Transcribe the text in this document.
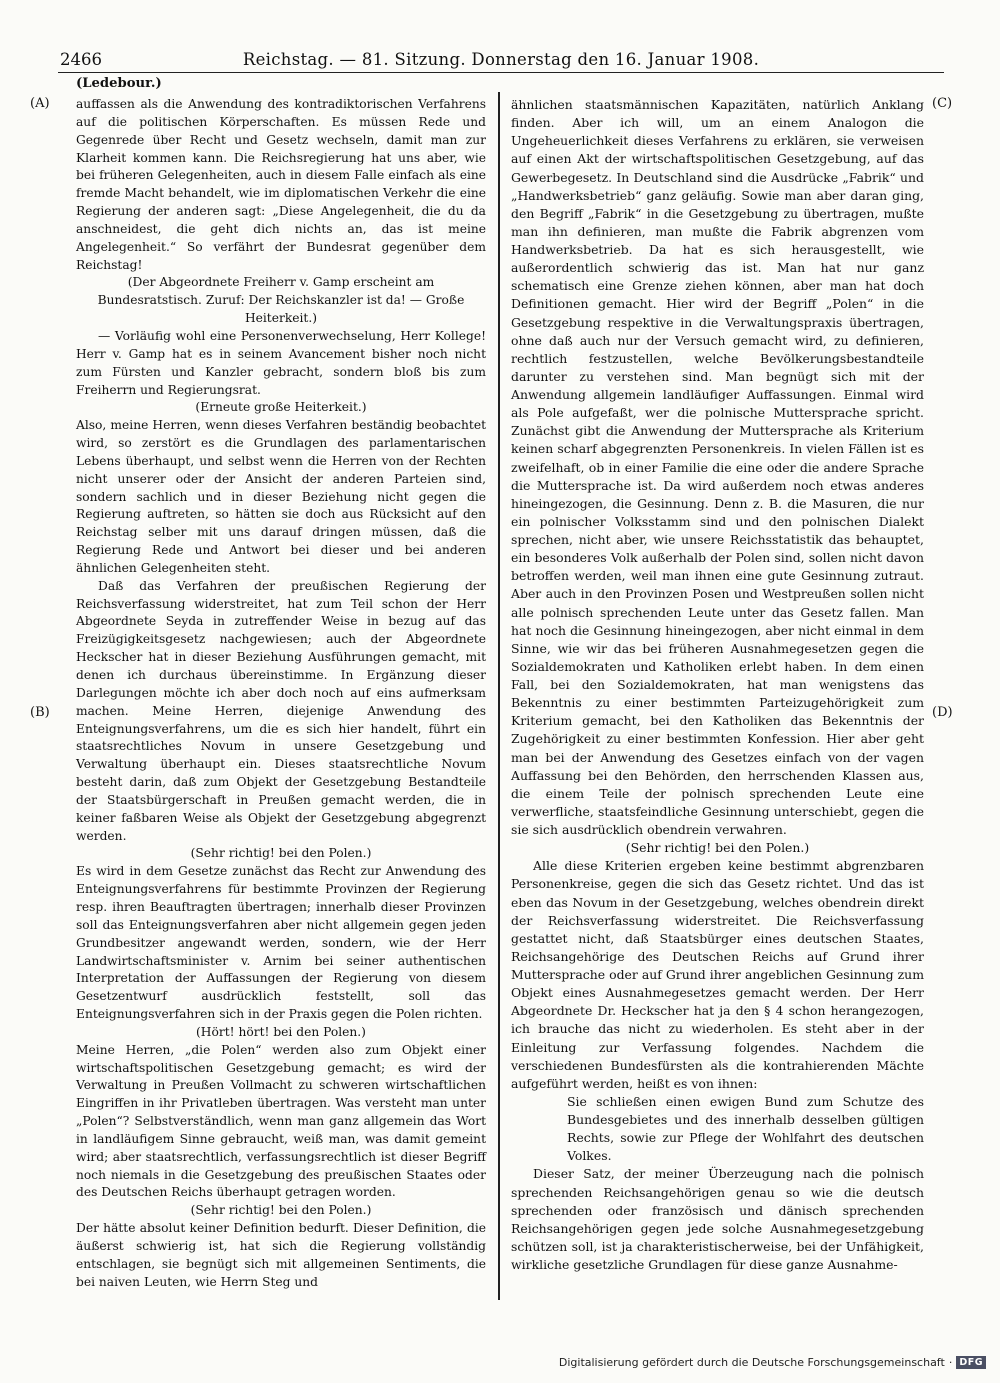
2466	Reichstag. — 81. Sitzung. Donnerstag den 16. Januar 1908.
(Ledebour.)
(A)
(B)
(C)
(D)

auffassen als die Anwendung des kontradiktorischen Verfahrens auf die politischen Körperschaften. Es müssen Rede und Gegenrede über Recht und Gesetz wechseln, damit man zur Klarheit kommen kann. Die Reichsregierung hat uns aber, wie bei früheren Gelegenheiten, auch in diesem Falle einfach als eine fremde Macht behandelt, wie im diplomatischen Verkehr die eine Regierung der anderen sagt: „Diese Angelegenheit, die du da anschneidest, die geht dich nichts an, das ist meine Angelegenheit.“ So verfährt der Bundesrat gegenüber dem Reichstag!

(Der Abgeordnete Freiherr v. Gamp erscheint am Bundesratstisch. Zuruf: Der Reichskanzler ist da! — Große Heiterkeit.)

— Vorläufig wohl eine Personenverwechselung, Herr Kollege! Herr v. Gamp hat es in seinem Avancement bisher noch nicht zum Fürsten und Kanzler gebracht, sondern bloß bis zum Freiherrn und Regierungsrat.

(Erneute große Heiterkeit.)

Also, meine Herren, wenn dieses Verfahren beständig beobachtet wird, so zerstört es die Grundlagen des parlamentarischen Lebens überhaupt, und selbst wenn die Herren von der Rechten nicht unserer oder der Ansicht der anderen Parteien sind, sondern sachlich und in dieser Beziehung nicht gegen die Regierung auftreten, so hätten sie doch aus Rücksicht auf den Reichstag selber mit uns darauf dringen müssen, daß die Regierung Rede und Antwort bei dieser und bei anderen ähnlichen Gelegenheiten steht.

Daß das Verfahren der preußischen Regierung der Reichsverfassung widerstreitet, hat zum Teil schon der Herr Abgeordnete Seyda in zutreffender Weise in bezug auf das Freizügigkeitsgesetz nachgewiesen; auch der Abgeordnete Heckscher hat in dieser Beziehung Ausführungen gemacht, mit denen ich durchaus übereinstimme. In Ergänzung dieser Darlegungen möchte ich aber doch noch auf eins aufmerksam machen. Meine Herren, diejenige Anwendung des Enteignungsverfahrens, um die es sich hier handelt, führt ein staatsrechtliches Novum in unsere Gesetzgebung und Verwaltung überhaupt ein. Dieses staatsrechtliche Novum besteht darin, daß zum Objekt der Gesetzgebung Bestandteile der Staatsbürgerschaft in Preußen gemacht werden, die in keiner faßbaren Weise als Objekt der Gesetzgebung abgegrenzt werden.

(Sehr richtig! bei den Polen.)

Es wird in dem Gesetze zunächst das Recht zur Anwendung des Enteignungsverfahrens für bestimmte Provinzen der Regierung resp. ihren Beauftragten übertragen; innerhalb dieser Provinzen soll das Enteignungsverfahren aber nicht allgemein gegen jeden Grundbesitzer angewandt werden, sondern, wie der Herr Landwirtschaftsminister v. Arnim bei seiner authentischen Interpretation der Auffassungen der Regierung von diesem Gesetzentwurf ausdrücklich feststellt, soll das Enteignungsverfahren sich in der Praxis gegen die Polen richten.

(Hört! hört! bei den Polen.)

Meine Herren, „die Polen“ werden also zum Objekt einer wirtschaftspolitischen Gesetzgebung gemacht; es wird der Verwaltung in Preußen Vollmacht zu schweren wirtschaftlichen Eingriffen in ihr Privatleben übertragen. Was versteht man unter „Polen“? Selbstverständlich, wenn man ganz allgemein das Wort in landläufigem Sinne gebraucht, weiß man, was damit gemeint wird; aber staatsrechtlich, verfassungsrechtlich ist dieser Begriff noch niemals in die Gesetzgebung des preußischen Staates oder des Deutschen Reichs überhaupt getragen worden.

(Sehr richtig! bei den Polen.)

Der hätte absolut keiner Definition bedurft. Dieser Definition, die äußerst schwierig ist, hat sich die Regierung vollständig entschlagen, sie begnügt sich mit allgemeinen Sentiments, die bei naiven Leuten, wie Herrn Steg und

ähnlichen staatsmännischen Kapazitäten, natürlich Anklang finden. Aber ich will, um an einem Analogon die Ungeheuerlichkeit dieses Verfahrens zu erklären, sie verweisen auf einen Akt der wirtschaftspolitischen Gesetzgebung, auf das Gewerbegesetz. In Deutschland sind die Ausdrücke „Fabrik“ und „Handwerksbetrieb“ ganz geläufig. Sowie man aber daran ging, den Begriff „Fabrik“ in die Gesetzgebung zu übertragen, mußte man ihn definieren, man mußte die Fabrik abgrenzen vom Handwerksbetrieb. Da hat es sich herausgestellt, wie außerordentlich schwierig das ist. Man hat nur ganz schematisch eine Grenze ziehen können, aber man hat doch Definitionen gemacht. Hier wird der Begriff „Polen“ in die Gesetzgebung respektive in die Verwaltungspraxis übertragen, ohne daß auch nur der Versuch gemacht wird, zu definieren, rechtlich festzustellen, welche Bevölkerungsbestandteile darunter zu verstehen sind. Man begnügt sich mit der Anwendung allgemein landläufiger Auffassungen. Einmal wird als Pole aufgefaßt, wer die polnische Muttersprache spricht. Zunächst gibt die Anwendung der Muttersprache als Kriterium keinen scharf abgegrenzten Personenkreis. In vielen Fällen ist es zweifelhaft, ob in einer Familie die eine oder die andere Sprache die Muttersprache ist. Da wird außerdem noch etwas anderes hineingezogen, die Gesinnung. Denn z. B. die Masuren, die nur ein polnischer Volksstamm sind und den polnischen Dialekt sprechen, nicht aber, wie unsere Reichsstatistik das behauptet, ein besonderes Volk außerhalb der Polen sind, sollen nicht davon betroffen werden, weil man ihnen eine gute Gesinnung zutraut. Aber auch in den Provinzen Posen und Westpreußen sollen nicht alle polnisch sprechenden Leute unter das Gesetz fallen. Man hat noch die Gesinnung hineingezogen, aber nicht einmal in dem Sinne, wie wir das bei früheren Ausnahmegesetzen gegen die Sozialdemokraten und Katholiken erlebt haben. In dem einen Fall, bei den Sozialdemokraten, hat man wenigstens das Bekenntnis zu einer bestimmten Parteizugehörigkeit zum Kriterium gemacht, bei den Katholiken das Bekenntnis der Zugehörigkeit zu einer bestimmten Konfession. Hier aber geht man bei der Anwendung des Gesetzes einfach von der vagen Auffassung bei den Behörden, den herrschenden Klassen aus, die einem Teile der polnisch sprechenden Leute eine verwerfliche, staatsfeindliche Gesinnung unterschiebt, gegen die sie sich ausdrücklich obendrein verwahren.

(Sehr richtig! bei den Polen.)

Alle diese Kriterien ergeben keine bestimmt abgrenzbaren Personenkreise, gegen die sich das Gesetz richtet. Und das ist eben das Novum in der Gesetzgebung, welches obendrein direkt der Reichsverfassung widerstreitet. Die Reichsverfassung gestattet nicht, daß Staatsbürger eines deutschen Staates, Reichsangehörige des Deutschen Reichs auf Grund ihrer Muttersprache oder auf Grund ihrer angeblichen Gesinnung zum Objekt eines Ausnahmegesetzes gemacht werden. Der Herr Abgeordnete Dr. Heckscher hat ja den § 4 schon herangezogen, ich brauche das nicht zu wiederholen. Es steht aber in der Einleitung zur Verfassung folgendes. Nachdem die verschiedenen Bundesfürsten als die kontrahierenden Mächte aufgeführt werden, heißt es von ihnen:

Sie schließen einen ewigen Bund zum Schutze des Bundesgebietes und des innerhalb desselben gültigen Rechts, sowie zur Pflege der Wohlfahrt des deutschen Volkes.

Dieser Satz, der meiner Überzeugung nach die polnisch sprechenden Reichsangehörigen genau so wie die deutsch sprechenden oder französisch und dänisch sprechenden Reichsangehörigen gegen jede solche Ausnahmegesetzgebung schützen soll, ist ja charakteristischerweise, bei der Unfähigkeit, wirkliche gesetzliche Grundlagen für diese ganze Ausnahme-

Digitalisierung gefördert durch die Deutsche Forschungsgemeinschaft · DFG
